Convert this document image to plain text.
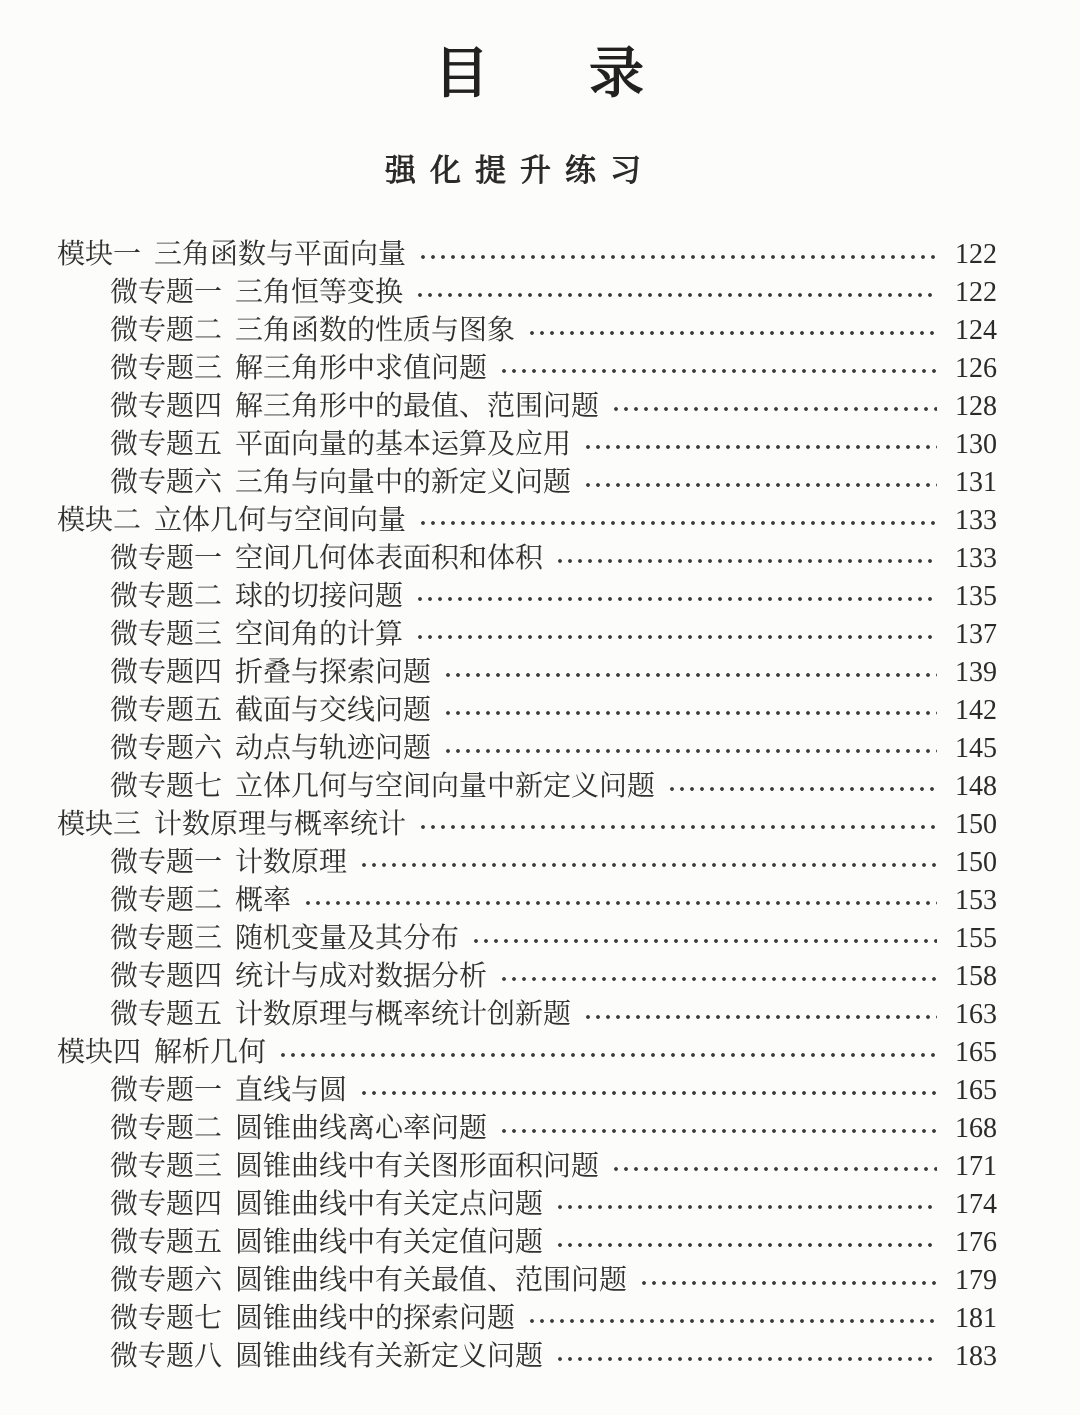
目 录
强化提升练习
模块一 三角函数与平面向量	122
微专题一 三角恒等变换	122
微专题二 三角函数的性质与图象	124
微专题三 解三角形中求值问题	126
微专题四 解三角形中的最值、范围问题	128
微专题五 平面向量的基本运算及应用	130
微专题六 三角与向量中的新定义问题	131
模块二 立体几何与空间向量	133
微专题一 空间几何体表面积和体积	133
微专题二 球的切接问题	135
微专题三 空间角的计算	137
微专题四 折叠与探索问题	139
微专题五 截面与交线问题	142
微专题六 动点与轨迹问题	145
微专题七 立体几何与空间向量中新定义问题	148
模块三 计数原理与概率统计	150
微专题一 计数原理	150
微专题二 概率	153
微专题三 随机变量及其分布	155
微专题四 统计与成对数据分析	158
微专题五 计数原理与概率统计创新题	163
模块四 解析几何	165
微专题一 直线与圆	165
微专题二 圆锥曲线离心率问题	168
微专题三 圆锥曲线中有关图形面积问题	171
微专题四 圆锥曲线中有关定点问题	174
微专题五 圆锥曲线中有关定值问题	176
微专题六 圆锥曲线中有关最值、范围问题	179
微专题七 圆锥曲线中的探索问题	181
微专题八 圆锥曲线有关新定义问题	183
